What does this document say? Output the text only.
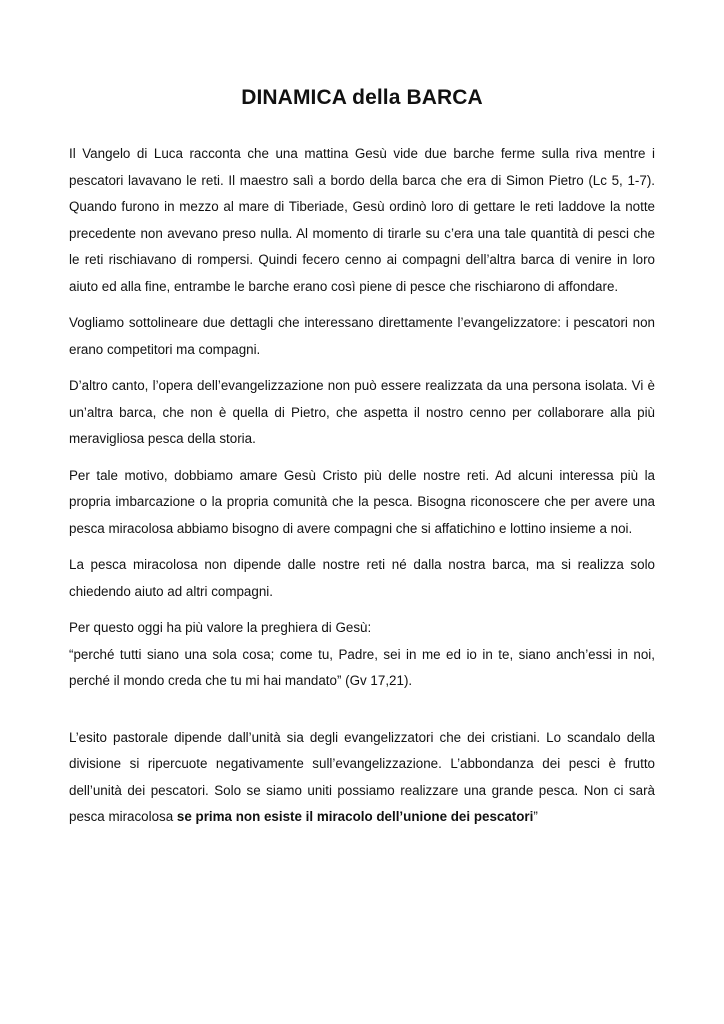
DINAMICA della BARCA

Il Vangelo di Luca racconta che una mattina Gesù vide due barche ferme sulla riva mentre i pescatori lavavano le reti. Il maestro salì a bordo della barca che era di Simon Pietro (Lc 5, 1-7). Quando furono in mezzo al mare di Tiberiade, Gesù ordinò loro di gettare le reti laddove la notte precedente non avevano preso nulla. Al momento di tirarle su c’era una tale quantità di pesci che le reti rischiavano di rompersi. Quindi fecero cenno ai compagni dell’altra barca di venire in loro aiuto ed alla fine, entrambe le barche erano così piene di pesce che rischiarono di affondare.

Vogliamo sottolineare due dettagli che interessano direttamente l’evangelizzatore: i pescatori non erano competitori ma compagni.

D’altro canto, l’opera dell’evangelizzazione non può essere realizzata da una persona isolata. Vi è un’altra barca, che non è quella di Pietro, che aspetta il nostro cenno per collaborare alla più meravigliosa pesca della storia.

Per tale motivo, dobbiamo amare Gesù Cristo più delle nostre reti. Ad alcuni interessa più la propria imbarcazione o la propria comunità che la pesca. Bisogna riconoscere che per avere una pesca miracolosa abbiamo bisogno di avere compagni che si affatichino e lottino insieme a noi.

La pesca miracolosa non dipende dalle nostre reti né dalla nostra barca, ma si realizza solo chiedendo aiuto ad altri compagni.

Per questo oggi ha più valore la preghiera di Gesù:

“perché tutti siano una sola cosa; come tu, Padre, sei in me ed io in te, siano anch’essi in noi, perché il mondo creda che tu mi hai mandato” (Gv 17,21).

L’esito pastorale dipende dall’unità sia degli evangelizzatori che dei cristiani. Lo scandalo della divisione si ripercuote negativamente sull’evangelizzazione. L’abbondanza dei pesci è frutto dell’unità dei pescatori. Solo se siamo uniti possiamo realizzare una grande pesca. Non ci sarà pesca miracolosa se prima non esiste il miracolo dell’unione dei pescatori”
